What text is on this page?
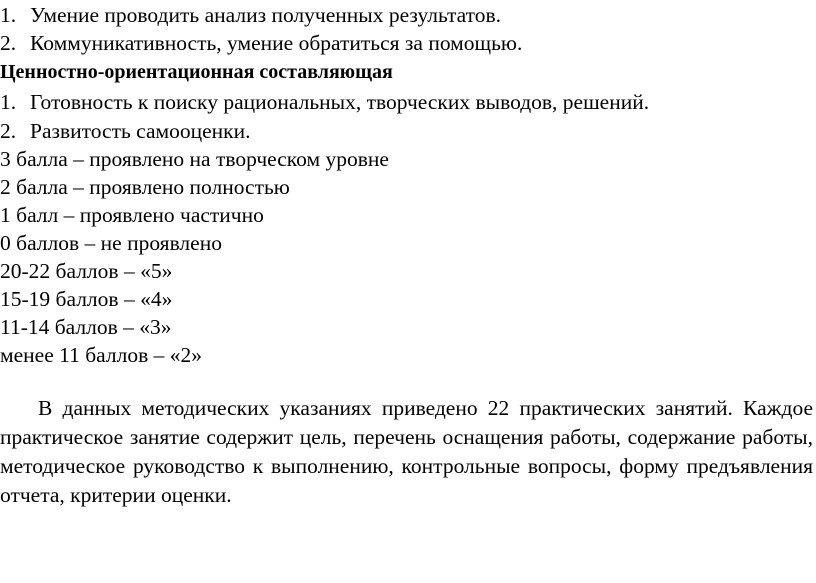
1. Умение проводить анализ полученных результатов.
2. Коммуникативность, умение обратиться за помощью.
Ценностно-ориентационная составляющая
1. Готовность к поиску рациональных, творческих выводов, решений.
2. Развитость самооценки.
3 балла – проявлено на творческом уровне
2 балла – проявлено полностью
1 балл – проявлено частично
0 баллов – не проявлено
20-22 баллов – «5»
15-19 баллов – «4»
11-14 баллов – «3»
менее 11 баллов – «2»

В данных методических указаниях приведено 22 практических занятий. Каждое практическое занятие содержит цель, перечень оснащения работы, содержание работы, методическое руководство к выполнению, контрольные вопросы, форму предъявления отчета, критерии оценки.
